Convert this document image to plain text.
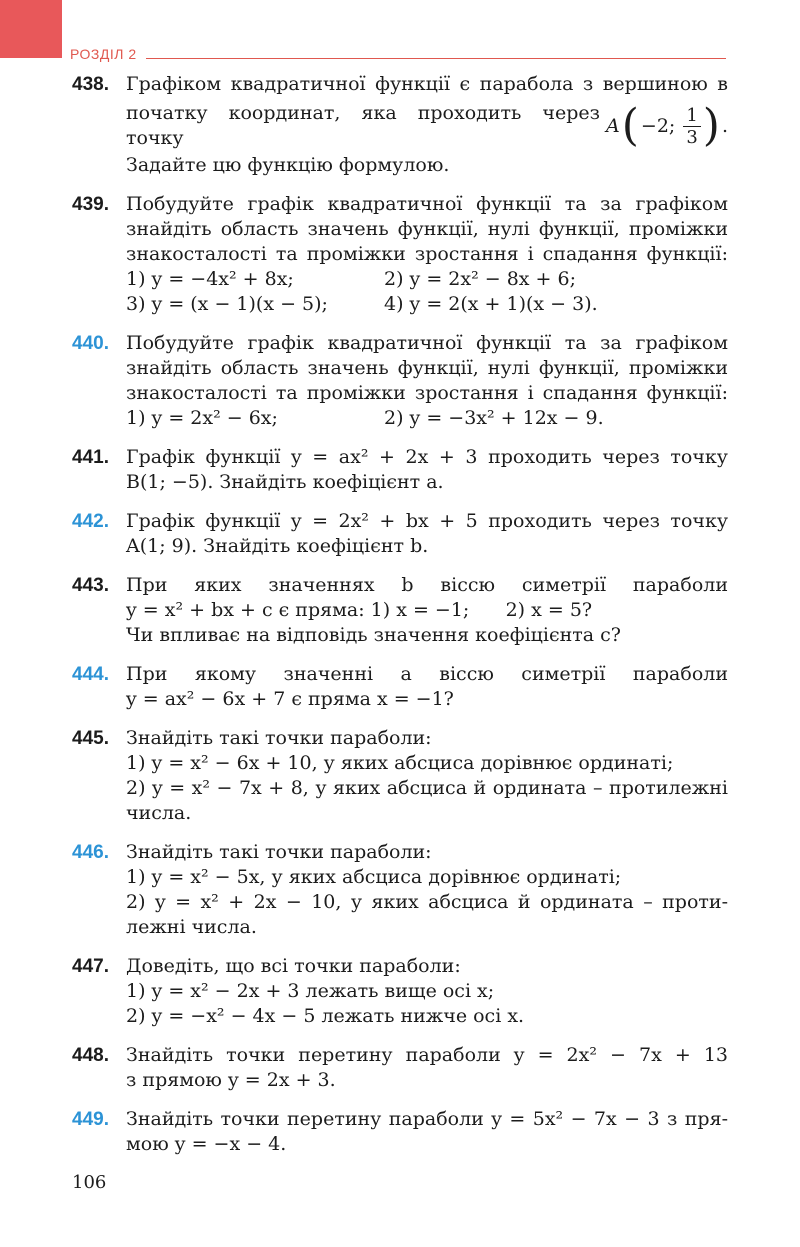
РОЗДІЛ 2
438. Графіком квадратичної функції є парабола з вершиною в
початку координат, яка проходить через точку
A ( −2; $\frac{1}{3}$ ) .
Задайте цю функцію формулою.
439. Побудуйте графік квадратичної функції та за графіком
знайдіть область значень функції, нулі функції, проміжки
знакосталості та проміжки зростання і спадання функції:
1) y = −4x² + 8x;	2) y = 2x² − 8x + 6;
3) y = (x − 1)(x − 5);	4) y = 2(x + 1)(x − 3).
440. Побудуйте графік квадратичної функції та за графіком
знайдіть область значень функції, нулі функції, проміжки
знакосталості та проміжки зростання і спадання функції:
1) y = 2x² − 6x;	2) y = −3x² + 12x − 9.
441. Графік функції y = ax² + 2x + 3 проходить через точку
B(1; −5). Знайдіть коефіцієнт a.
442. Графік функції y = 2x² + bx + 5 проходить через точку
A(1; 9). Знайдіть коефіцієнт b.
443. При яких значеннях b віссю симетрії параболи
y = x² + bx + c є пряма: 1) x = −1;      2) x = 5?
Чи впливає на відповідь значення коефіцієнта c?
444. При якому значенні a віссю симетрії параболи
y = ax² − 6x + 7 є пряма x = −1?
445. Знайдіть такі точки параболи:
1) y = x² − 6x + 10, у яких абсциса дорівнює ординаті;
2) y = x² − 7x + 8, у яких абсциса й ордината – протилежні
числа.
446. Знайдіть такі точки параболи:
1) y = x² − 5x, у яких абсциса дорівнює ординаті;
2) y = x² + 2x − 10, у яких абсциса й ордината – проти-
лежні числа.
447. Доведіть, що всі точки параболи:
1) y = x² − 2x + 3 лежать вище осі x;
2) y = −x² − 4x − 5 лежать нижче осі x.
448. Знайдіть точки перетину параболи y = 2x² − 7x + 13
з прямою y = 2x + 3.
449. Знайдіть точки перетину параболи y = 5x² − 7x − 3 з пря-
мою y = −x − 4.
106
